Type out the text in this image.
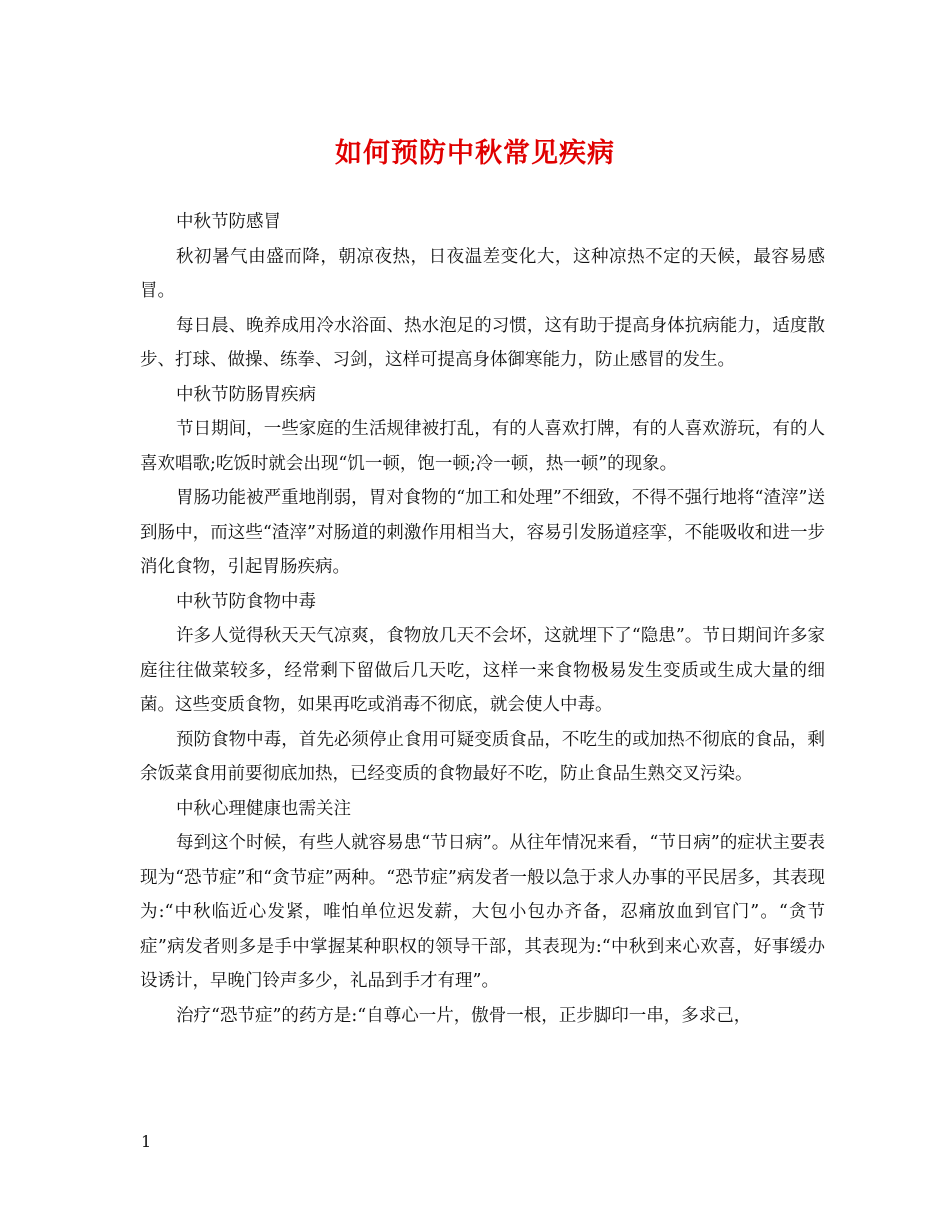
如何预防中秋常见疾病

中秋节防感冒

秋初暑气由盛而降，朝凉夜热，日夜温差变化大，这种凉热不定的天候，最容易感冒。

每日晨、晚养成用冷水浴面、热水泡足的习惯，这有助于提高身体抗病能力，适度散步、打球、做操、练拳、习剑，这样可提高身体御寒能力，防止感冒的发生。

中秋节防肠胃疾病

节日期间，一些家庭的生活规律被打乱，有的人喜欢打牌，有的人喜欢游玩，有的人喜欢唱歌;吃饭时就会出现“饥一顿，饱一顿;冷一顿，热一顿”的现象。

胃肠功能被严重地削弱，胃对食物的“加工和处理”不细致，不得不强行地将“渣滓”送到肠中，而这些“渣滓”对肠道的刺激作用相当大，容易引发肠道痉挛，不能吸收和进一步消化食物，引起胃肠疾病。

中秋节防食物中毒

许多人觉得秋天天气凉爽，食物放几天不会坏，这就埋下了“隐患”。节日期间许多家庭往往做菜较多，经常剩下留做后几天吃，这样一来食物极易发生变质或生成大量的细菌。这些变质食物，如果再吃或消毒不彻底，就会使人中毒。

预防食物中毒，首先必须停止食用可疑变质食品，不吃生的或加热不彻底的食品，剩余饭菜食用前要彻底加热，已经变质的食物最好不吃，防止食品生熟交叉污染。

中秋心理健康也需关注

每到这个时候，有些人就容易患“节日病”。从往年情况来看，“节日病”的症状主要表现为“恐节症”和“贪节症”两种。“恐节症”病发者一般以急于求人办事的平民居多，其表现为:“中秋临近心发紧，唯怕单位迟发薪，大包小包办齐备，忍痛放血到官门”。“贪节症”病发者则多是手中掌握某种职权的领导干部，其表现为:“中秋到来心欢喜，好事缓办设诱计，早晚门铃声多少，礼品到手才有理”。

治疗“恐节症”的药方是:“自尊心一片，傲骨一根，正步脚印一串，多求己，

1
